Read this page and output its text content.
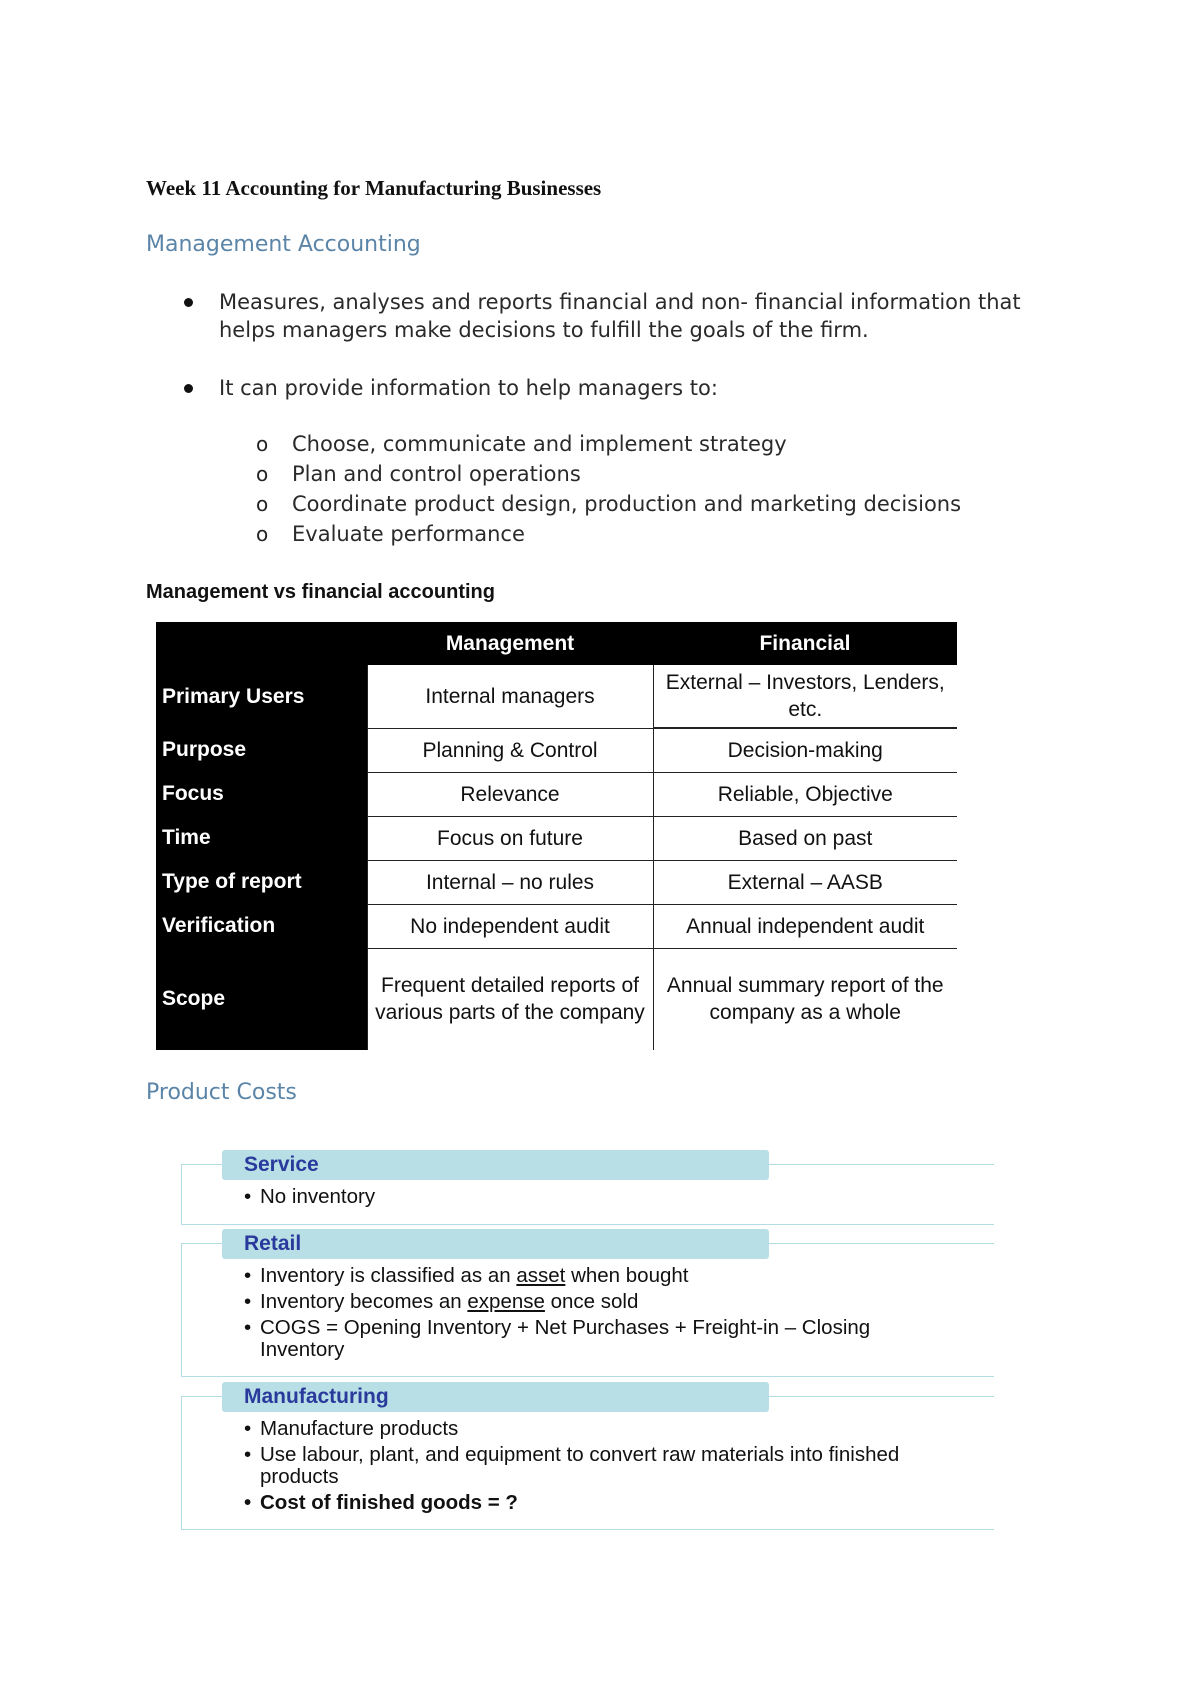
Week 11 Accounting for Manufacturing Businesses
Management Accounting
Measures, analyses and reports financial and non- financial information that helps managers make decisions to fulfill the goals of the firm.
It can provide information to help managers to:
o Choose, communicate and implement strategy
o Plan and control operations
o Coordinate product design, production and marketing decisions
o Evaluate performance
Management vs financial accounting
	Management	Financial
Primary Users	Internal managers	External – Investors, Lenders, etc.
Purpose	Planning & Control	Decision-making
Focus	Relevance	Reliable, Objective
Time	Focus on future	Based on past
Type of report	Internal – no rules	External – AASB
Verification	No independent audit	Annual independent audit
Scope	Frequent detailed reports of various parts of the company	Annual summary report of the company as a whole
Product Costs
Service
• No inventory
Retail
• Inventory is classified as an asset when bought
• Inventory becomes an expense once sold
• COGS = Opening Inventory + Net Purchases + Freight-in – Closing Inventory
Manufacturing
• Manufacture products
• Use labour, plant, and equipment to convert raw materials into finished products
• Cost of finished goods = ?
